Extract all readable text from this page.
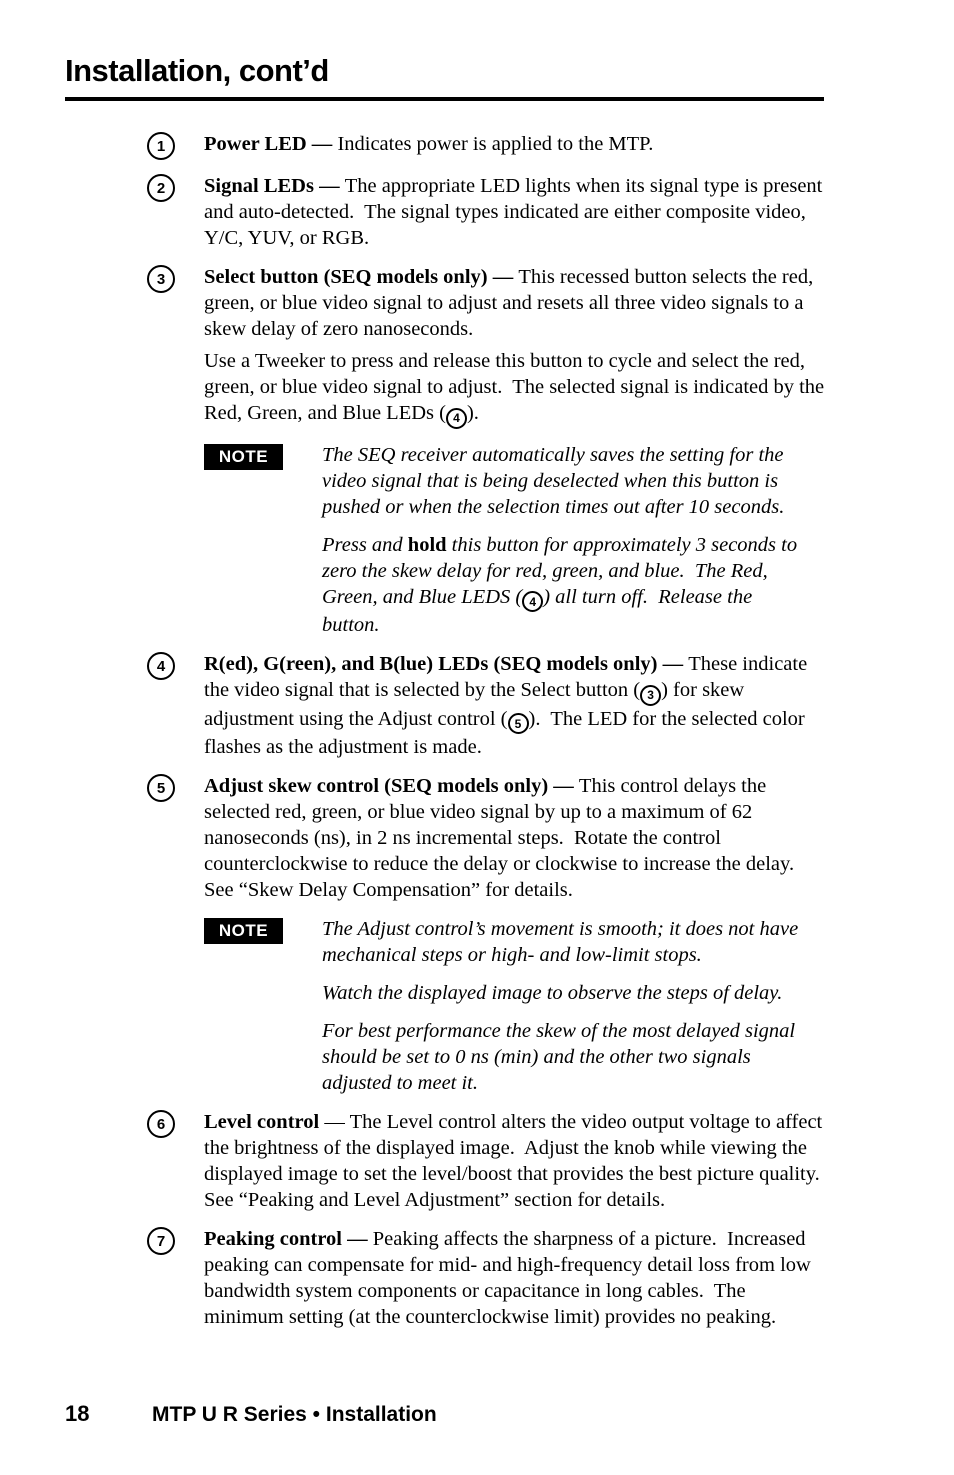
Installation, cont’d
1	Power LED — Indicates power is applied to the MTP.

2	Signal LEDs — The appropriate LED lights when its signal type is present and auto-detected.  The signal types indicated are either composite video, Y/C, YUV, or RGB.

3	Select button (SEQ models only) — This recessed button selects the red, green, or blue video signal to adjust and resets all three video signals to a skew delay of zero nanoseconds.

Use a Tweeker to press and release this button to cycle and select the red, green, or blue video signal to adjust.  The selected signal is indicated by the Red, Green, and Blue LEDs ( 4 ).

NOTE	The SEQ receiver automatically saves the setting for the video signal that is being deselected when this button is pushed or when the selection times out after 10 seconds.

Press and hold this button for approximately 3 seconds to zero the skew delay for red, green, and blue.  The Red, Green, and Blue LEDS ( 4 ) all turn off.  Release the button.

4	R(ed), G(reen), and B(lue) LEDs (SEQ models only) — These indicate the video signal that is selected by the Select button ( 3 ) for skew adjustment using the Adjust control ( 5 ).  The LED for the selected color flashes as the adjustment is made.

5	Adjust skew control (SEQ models only) — This control delays the selected red, green, or blue video signal by up to a maximum of 62 nanoseconds (ns), in 2 ns incremental steps.  Rotate the control counterclockwise to reduce the delay or clockwise to increase the delay.  See “Skew Delay Compensation” for details.

NOTE	The Adjust control’s movement is smooth; it does not have mechanical steps or high- and low-limit stops.

Watch the displayed image to observe the steps of delay.

For best performance the skew of the most delayed signal should be set to 0 ns (min) and the other two signals adjusted to meet it.

6	Level control — The Level control alters the video output voltage to affect the brightness of the displayed image.  Adjust the knob while viewing the displayed image to set the level/boost that provides the best picture quality.  See “Peaking and Level Adjustment” section for details.

7	Peaking control — Peaking affects the sharpness of a picture.  Increased peaking can compensate for mid- and high-frequency detail loss from low bandwidth system components or capacitance in long cables.  The minimum setting (at the counterclockwise limit) provides no peaking.

18	MTP U R Series • Installation
